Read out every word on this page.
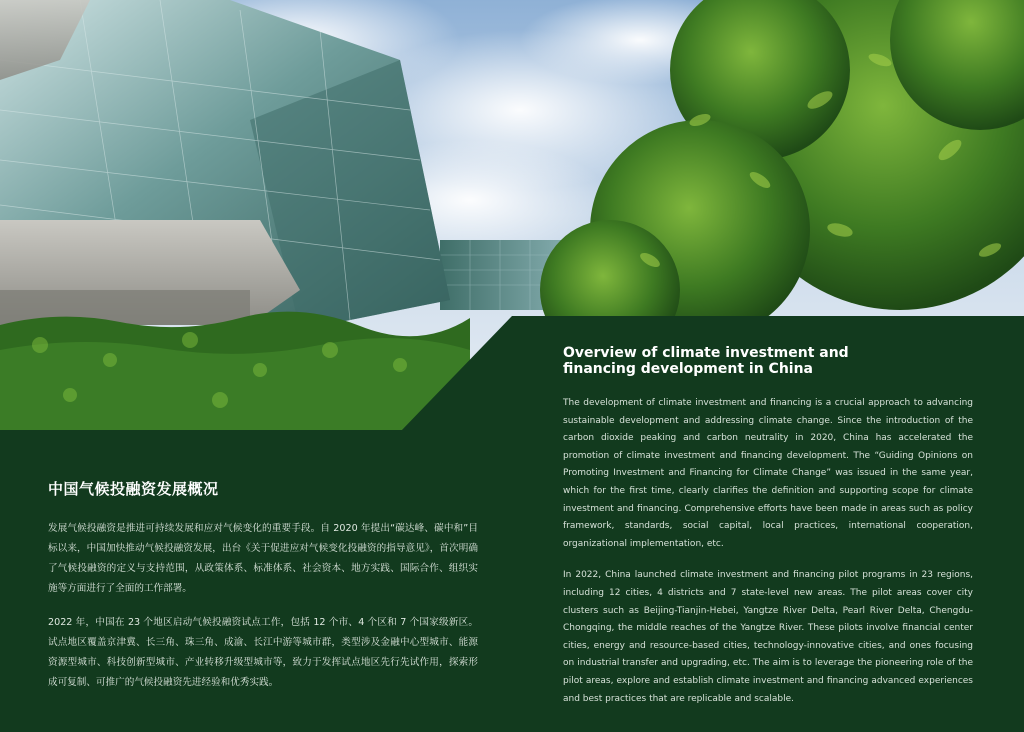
中国气候投融资发展概况

发展气候投融资是推进可持续发展和应对气候变化的重要手段。自 2020 年提出“碳达峰、碳中和”目标以来，中国加快推动气候投融资发展，出台《关于促进应对气候变化投融资的指导意见》，首次明确了气候投融资的定义与支持范围，从政策体系、标准体系、社会资本、地方实践、国际合作、组织实施等方面进行了全面的工作部署。

2022 年，中国在 23 个地区启动气候投融资试点工作，包括 12 个市、4 个区和 7 个国家级新区。试点地区覆盖京津冀、长三角、珠三角、成渝、长江中游等城市群，类型涉及金融中心型城市、能源资源型城市、科技创新型城市、产业转移升级型城市等，致力于发挥试点地区先行先试作用，探索形成可复制、可推广的气候投融资先进经验和优秀实践。

Overview of climate investment and
financing development in China

The development of climate investment and financing is a crucial approach to advancing sustainable development and addressing climate change. Since the introduction of the carbon dioxide peaking and carbon neutrality in 2020, China has accelerated the promotion of climate investment and financing development. The “Guiding Opinions on Promoting Investment and Financing for Climate Change” was issued in the same year, which for the first time, clearly clarifies the definition and supporting scope for climate investment and financing. Comprehensive efforts have been made in areas such as policy framework, standards, social capital, local practices, international cooperation, organizational implementation, etc.

In 2022, China launched climate investment and financing pilot programs in 23 regions, including 12 cities, 4 districts and 7 state-level new areas. The pilot areas cover city clusters such as Beijing-Tianjin-Hebei, Yangtze River Delta, Pearl River Delta, Chengdu-Chongqing, the middle reaches of the Yangtze River. These pilots involve financial center cities, energy and resource-based cities, technology-innovative cities, and ones focusing on industrial transfer and upgrading, etc. The aim is to leverage the pioneering role of the pilot areas, explore and establish climate investment and financing advanced experiences and best practices that are replicable and scalable.
